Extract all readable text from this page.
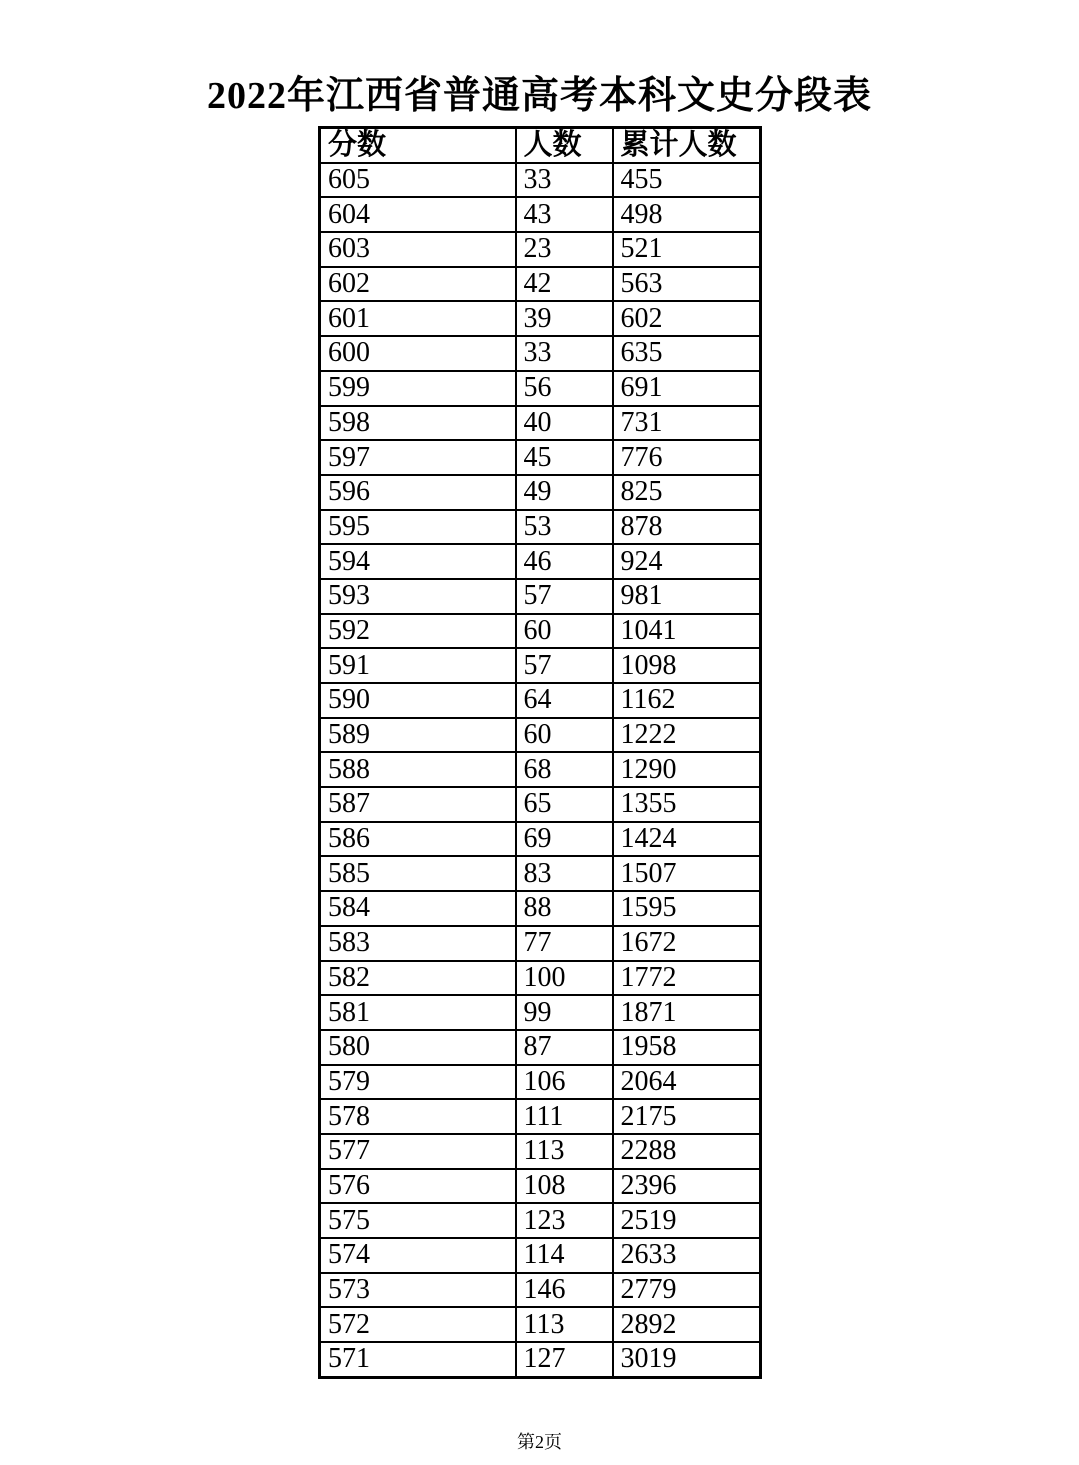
2022年江西省普通高考本科文史分段表
分数	人数	累计人数
605	33	455
604	43	498
603	23	521
602	42	563
601	39	602
600	33	635
599	56	691
598	40	731
597	45	776
596	49	825
595	53	878
594	46	924
593	57	981
592	60	1041
591	57	1098
590	64	1162
589	60	1222
588	68	1290
587	65	1355
586	69	1424
585	83	1507
584	88	1595
583	77	1672
582	100	1772
581	99	1871
580	87	1958
579	106	2064
578	111	2175
577	113	2288
576	108	2396
575	123	2519
574	114	2633
573	146	2779
572	113	2892
571	127	3019
第2页
